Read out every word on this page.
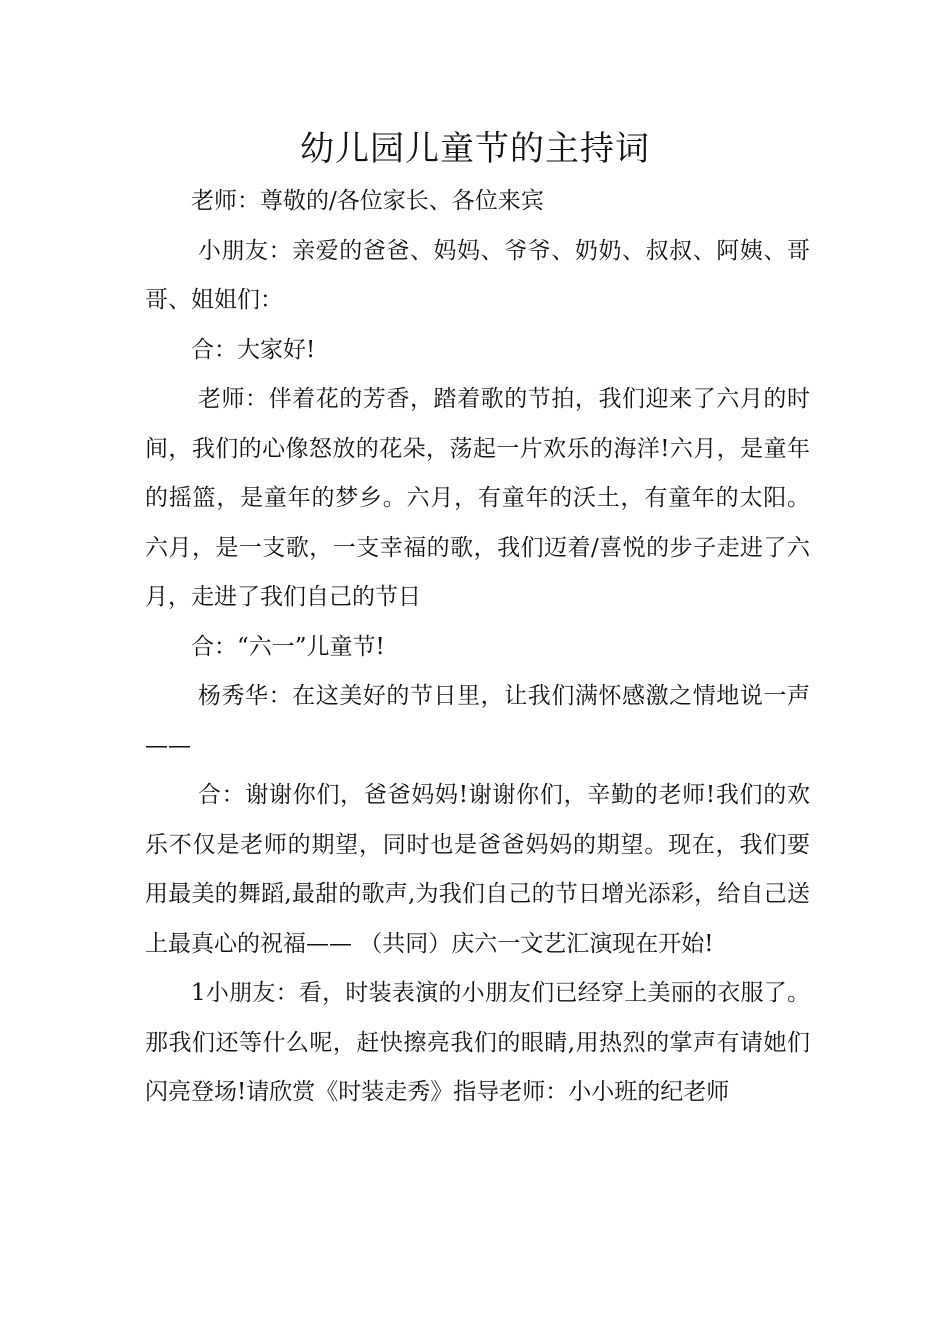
幼儿园儿童节的主持词

老师：尊敬的/各位家长、各位来宾

小朋友：亲爱的爸爸、妈妈、爷爷、奶奶、叔叔、阿姨、哥哥、姐姐们：

合：大家好!

老师：伴着花的芳香，踏着歌的节拍，我们迎来了六月的时间，我们的心像怒放的花朵，荡起一片欢乐的海洋!六月，是童年的摇篮，是童年的梦乡。六月，有童年的沃土，有童年的太阳。六月，是一支歌，一支幸福的歌，我们迈着/喜悦的步子走进了六月，走进了我们自己的节日

合：“六一”儿童节!

杨秀华：在这美好的节日里，让我们满怀感激之情地说一声——

合：谢谢你们，爸爸妈妈!谢谢你们，辛勤的老师!我们的欢乐不仅是老师的期望，同时也是爸爸妈妈的期望。现在，我们要用最美的舞蹈,最甜的歌声,为我们自己的节日增光添彩，给自己送上最真心的祝福—— （共同）庆六一文艺汇演现在开始!

1小朋友：看，时装表演的小朋友们已经穿上美丽的衣服了。那我们还等什么呢，赶快擦亮我们的眼睛,用热烈的掌声有请她们闪亮登场!请欣赏《时装走秀》指导老师：小小班的纪老师
